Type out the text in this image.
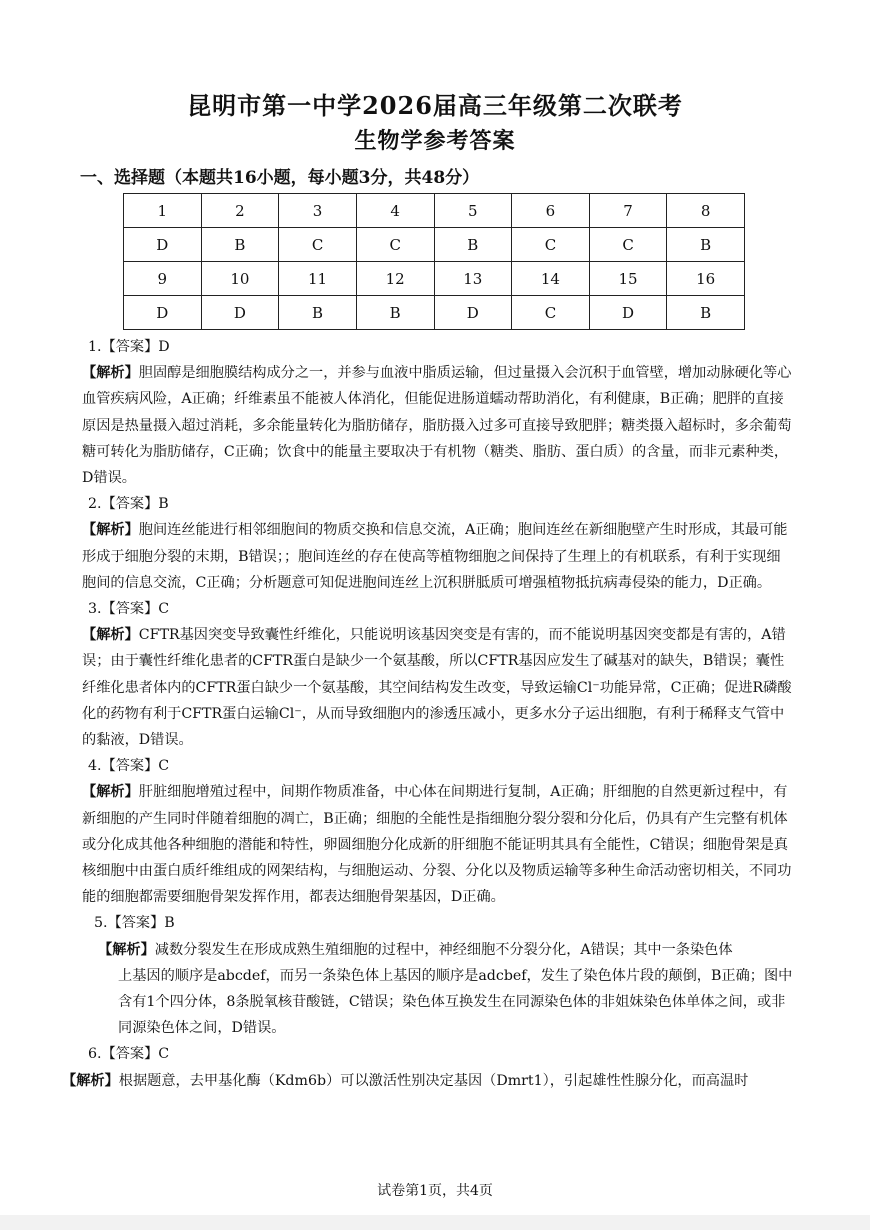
昆明市第一中学2026届高三年级第二次联考
生物学参考答案
一、选择题（本题共16小题，每小题3分，共48分）
1	2	3	4	5	6	7	8
D	B	C	C	B	C	C	B
9	10	11	12	13	14	15	16
D	D	B	B	D	C	D	B
1.【答案】D
【解析】胆固醇是细胞膜结构成分之一，并参与血液中脂质运输，但过量摄入会沉积于血管壁，增加动脉硬化等心血管疾病风险，A正确；纤维素虽不能被人体消化，但能促进肠道蠕动帮助消化，有利健康，B正确；肥胖的直接原因是热量摄入超过消耗，多余能量转化为脂肪储存，脂肪摄入过多可直接导致肥胖；糖类摄入超标时，多余葡萄糖可转化为脂肪储存，C正确；饮食中的能量主要取决于有机物（糖类、脂肪、蛋白质）的含量，而非元素种类，D错误。
2.【答案】B
【解析】胞间连丝能进行相邻细胞间的物质交换和信息交流，A正确；胞间连丝在新细胞壁产生时形成，其最可能形成于细胞分裂的末期，B错误；；胞间连丝的存在使高等植物细胞之间保持了生理上的有机联系，有利于实现细胞间的信息交流，C正确；分析题意可知促进胞间连丝上沉积胼胝质可增强植物抵抗病毒侵染的能力，D正确。
3.【答案】C
【解析】CFTR基因突变导致囊性纤维化，只能说明该基因突变是有害的，而不能说明基因突变都是有害的，A错误；由于囊性纤维化患者的CFTR蛋白是缺少一个氨基酸，所以CFTR基因应发生了碱基对的缺失，B错误；囊性纤维化患者体内的CFTR蛋白缺少一个氨基酸，其空间结构发生改变，导致运输Cl⁻功能异常，C正确；促进R磷酸化的药物有利于CFTR蛋白运输Cl⁻，从而导致细胞内的渗透压减小，更多水分子运出细胞，有利于稀释支气管中的黏液，D错误。
4.【答案】C
【解析】肝脏细胞增殖过程中，间期作物质准备，中心体在间期进行复制，A正确；肝细胞的自然更新过程中，有新细胞的产生同时伴随着细胞的凋亡，B正确；细胞的全能性是指细胞分裂分裂和分化后，仍具有产生完整有机体或分化成其他各种细胞的潜能和特性，卵圆细胞分化成新的肝细胞不能证明其具有全能性，C错误；细胞骨架是真核细胞中由蛋白质纤维组成的网架结构，与细胞运动、分裂、分化以及物质运输等多种生命活动密切相关，不同功能的细胞都需要细胞骨架发挥作用，都表达细胞骨架基因，D正确。
5.【答案】B
【解析】减数分裂发生在形成成熟生殖细胞的过程中，神经细胞不分裂分化，A错误；其中一条染色体
上基因的顺序是abcdef，而另一条染色体上基因的顺序是adcbef，发生了染色体片段的颠倒，B正确；图中含有1个四分体，8条脱氧核苷酸链，C错误；染色体互换发生在同源染色体的非姐妹染色体单体之间，或非同源染色体之间，D错误。
6.【答案】C
【解析】根据题意，去甲基化酶（Kdm6b）可以激活性别决定基因（Dmrt1），引起雄性性腺分化，而高温时
试卷第1页，共4页
